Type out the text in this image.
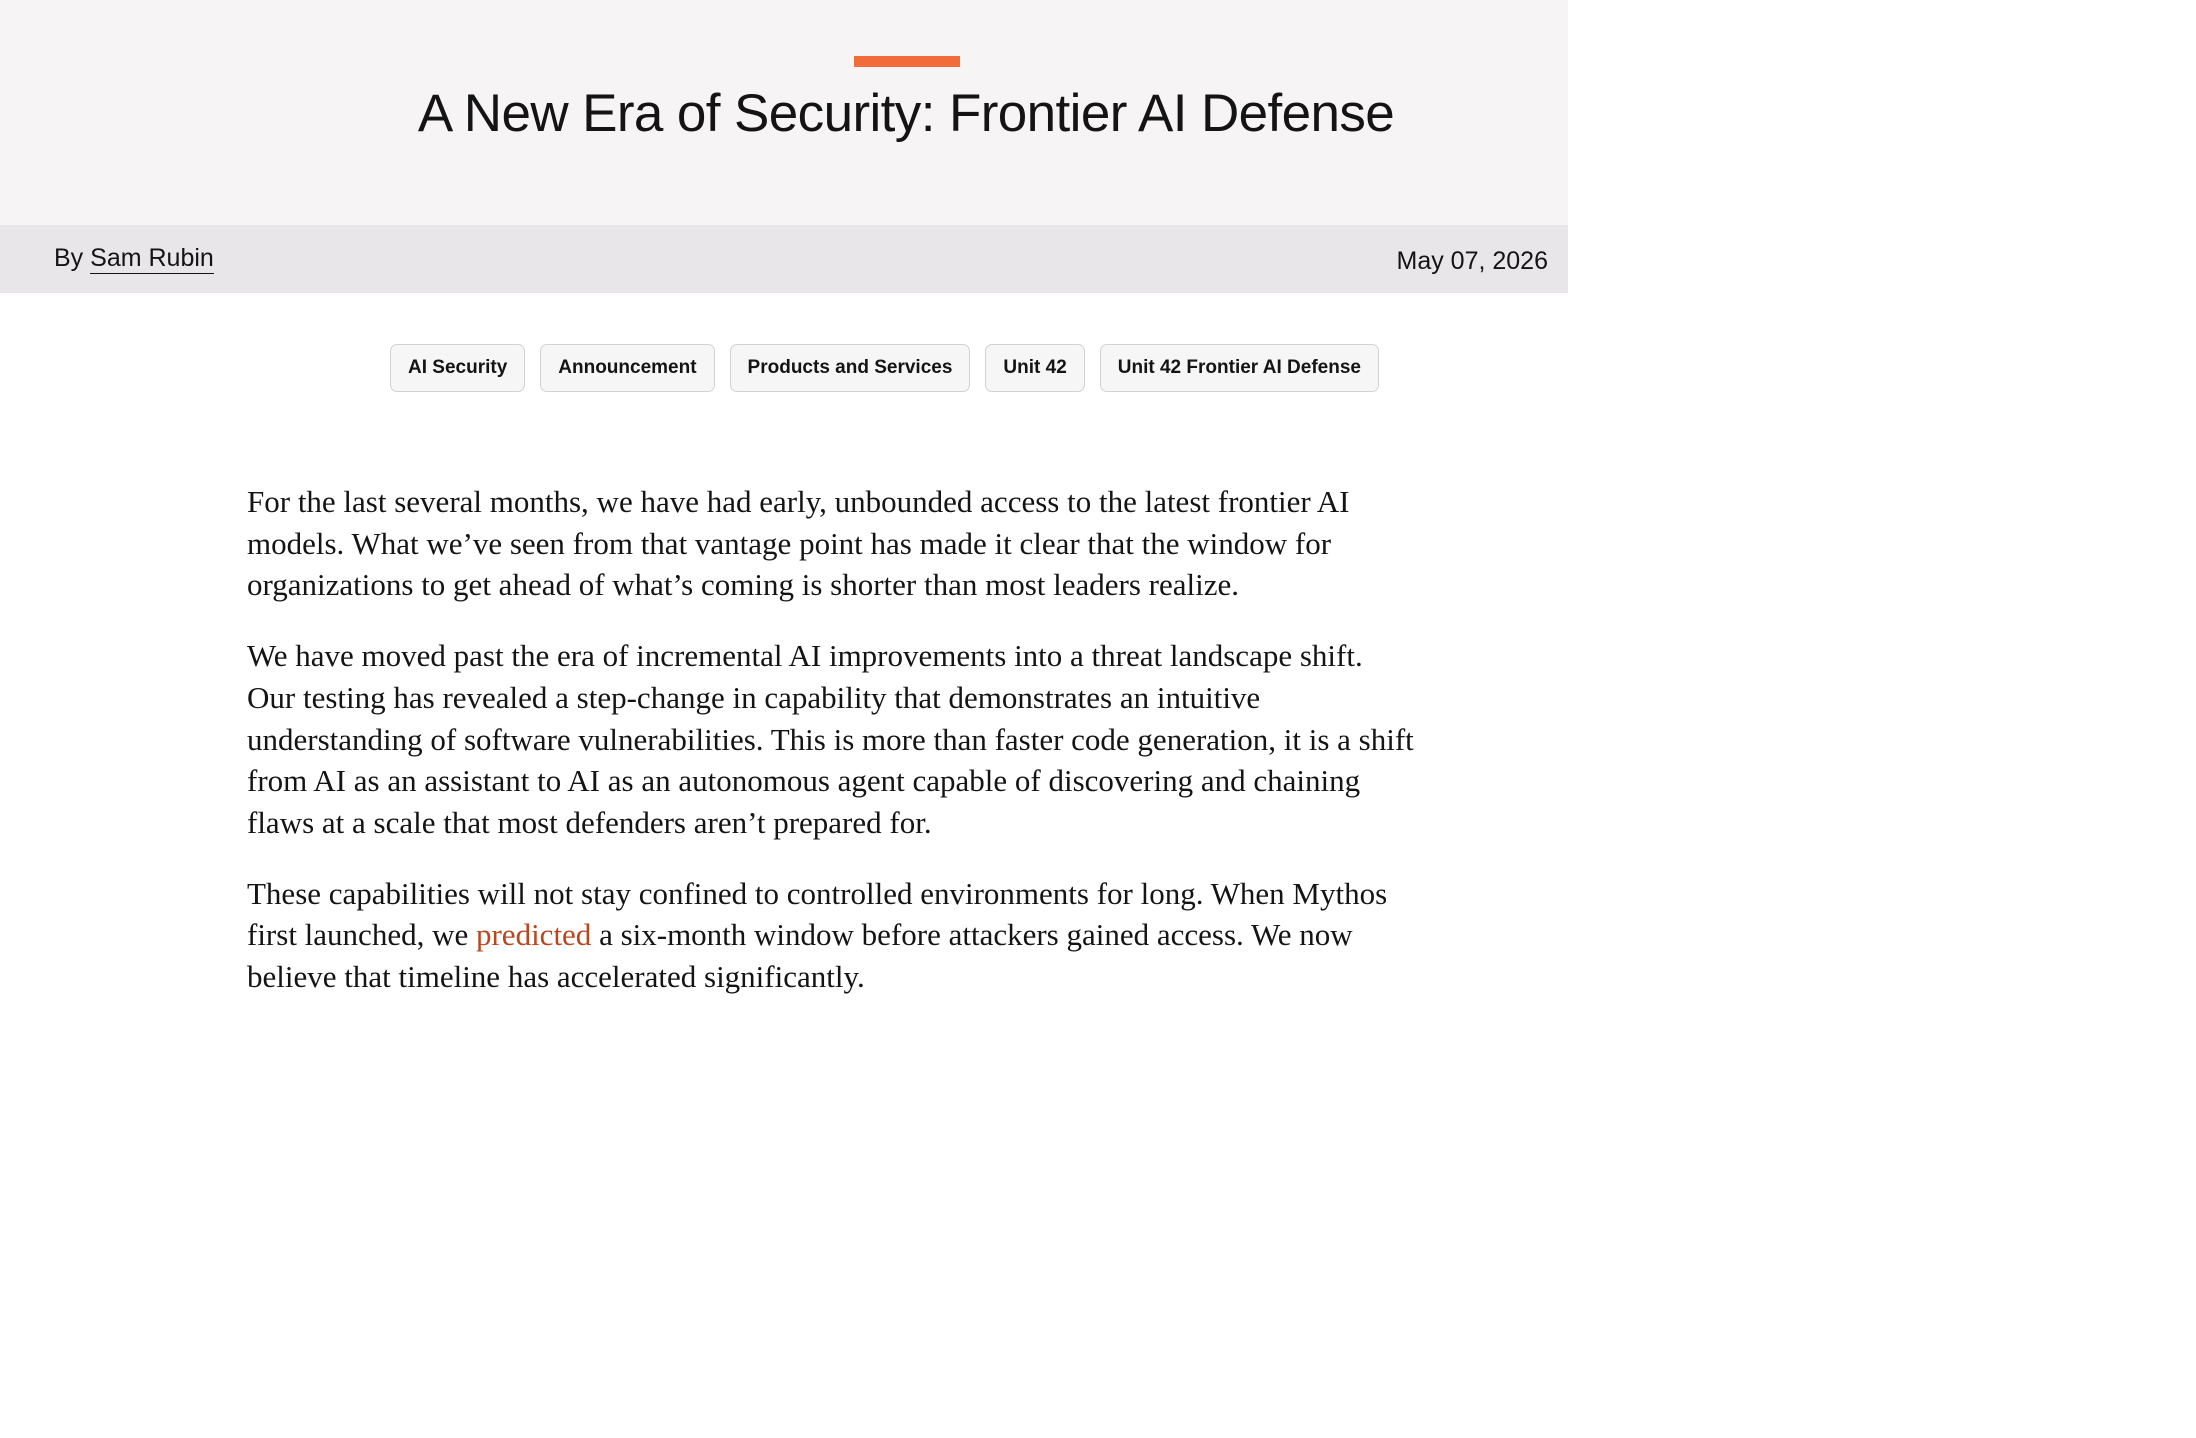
A New Era of Security: Frontier AI Defense
By Sam Rubin	May 07, 2026
AI Security	Announcement	Products and Services	Unit 42	Unit 42 Frontier AI Defense

For the last several months, we have had early, unbounded access to the latest frontier AI
models. What we’ve seen from that vantage point has made it clear that the window for
organizations to get ahead of what’s coming is shorter than most leaders realize.

We have moved past the era of incremental AI improvements into a threat landscape shift.
Our testing has revealed a step-change in capability that demonstrates an intuitive
understanding of software vulnerabilities. This is more than faster code generation, it is a shift
from AI as an assistant to AI as an autonomous agent capable of discovering and chaining
flaws at a scale that most defenders aren’t prepared for.

These capabilities will not stay confined to controlled environments for long. When Mythos
first launched, we predicted a six-month window before attackers gained access. We now
believe that timeline has accelerated significantly.
